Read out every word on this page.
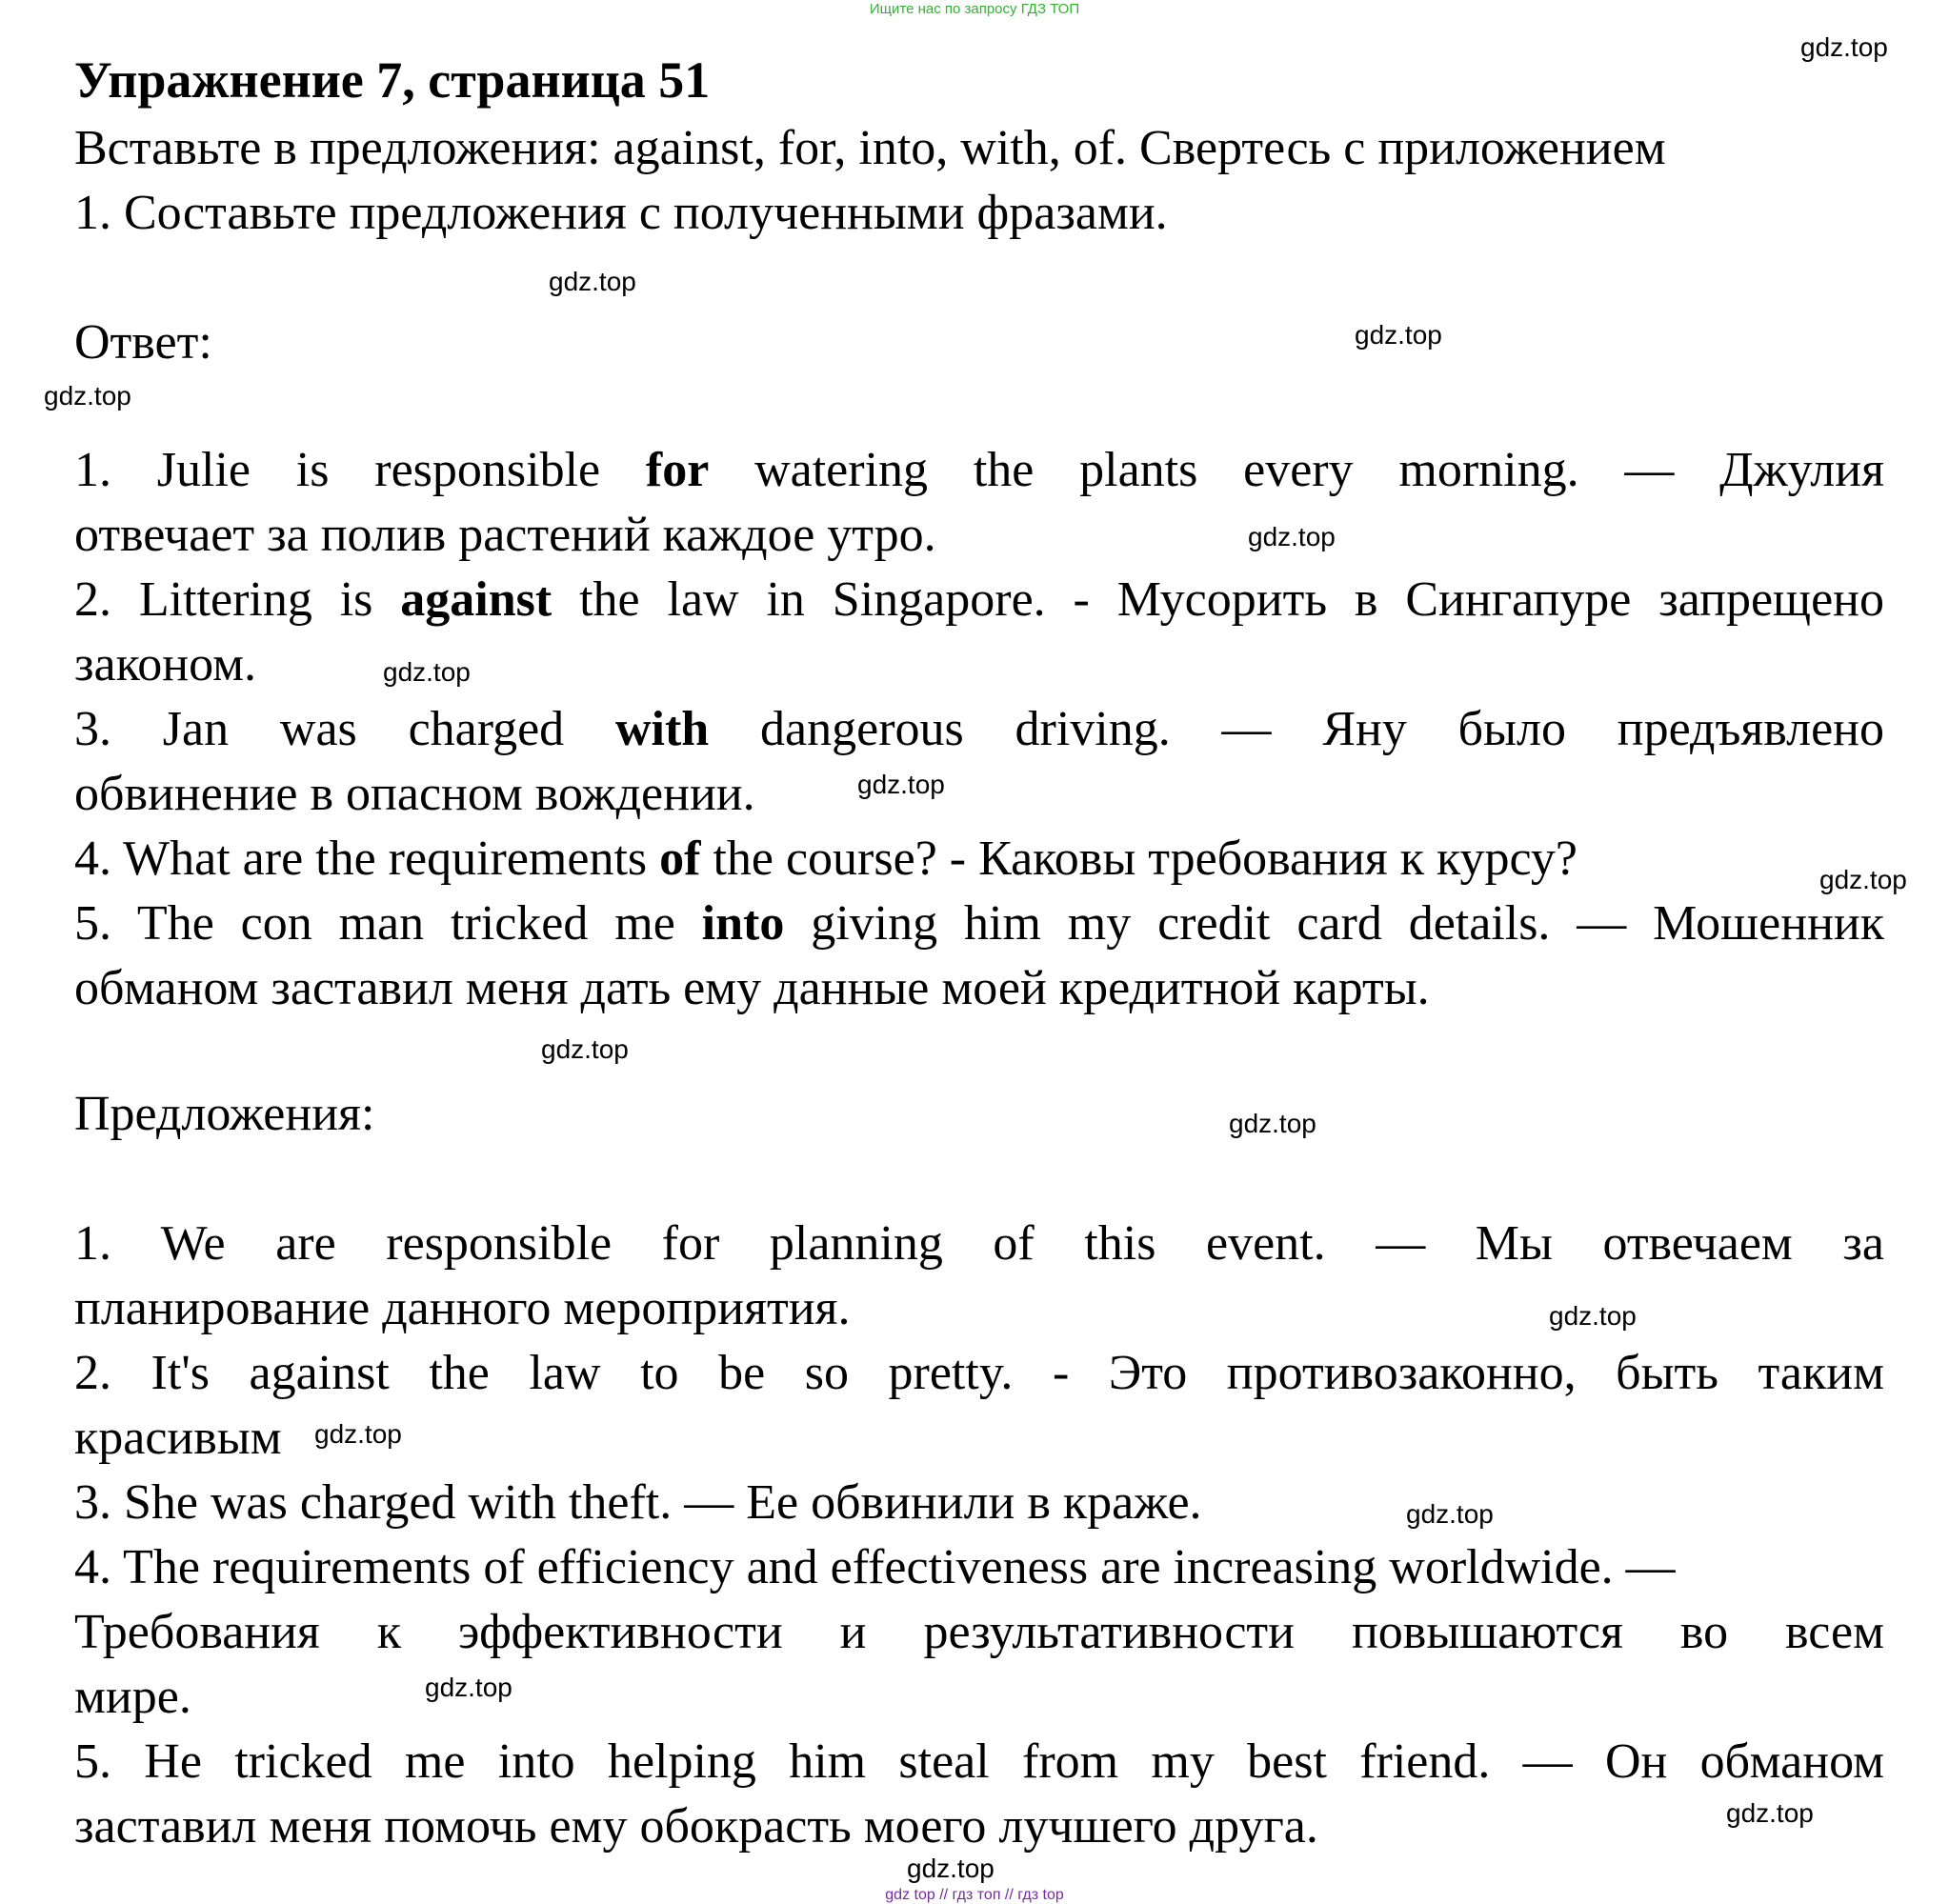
Ищите нас по запросу ГДЗ ТОП
gdz.top
Упражнение 7, страница 51
Вставьте в предложения: against, for, into, with, of. Свертесь с приложением
1. Составьте предложения с полученными фразами.
gdz.top
Ответ:	gdz.top
gdz.top
1. Julie is responsible for watering the plants every morning. — Джулия
отвечает за полив растений каждое утро.	gdz.top
2. Littering is against the law in Singapore. - Мусорить в Сингапуре запрещено
законом.	gdz.top
3. Jan was charged with dangerous driving. — Яну было предъявлено
обвинение в опасном вождении.	gdz.top
4. What are the requirements of the course? - Каковы требования к курсу?	gdz.top
5. The con man tricked me into giving him my credit card details. — Мошенник
обманом заставил меня дать ему данные моей кредитной карты.
gdz.top
Предложения:	gdz.top
1. We are responsible for planning of this event. — Мы отвечаем за
планирование данного мероприятия.	gdz.top
2. It's against the law to be so pretty. - Это противозаконно, быть таким
красивым gdz.top
3. She was charged with theft. — Ее обвинили в краже.	gdz.top
4. The requirements of efficiency and effectiveness are increasing worldwide. —
Требования к эффективности и результативности повышаются во всем
мире.	gdz.top
5. He tricked me into helping him steal from my best friend. — Он обманом
заставил меня помочь ему обокрасть моего лучшего друга.	gdz.top
gdz.top
gdz top // гдз топ // гдз top
